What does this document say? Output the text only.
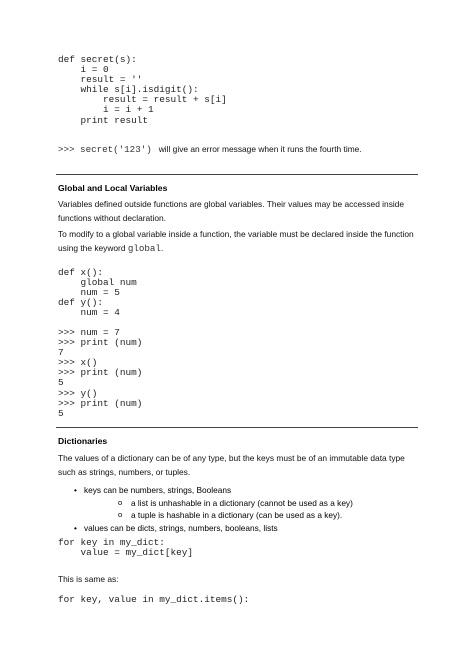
def secret(s):
i = 0
result = ''
while s[i].isdigit():
result = result + s[i]
i = i + 1
print result
>>> secret('123') will give an error message when it runs the fourth time.
Global and Local Variables
Variables defined outside functions are global variables. Their values may be accessed inside functions without declaration.
To modify to a global variable inside a function, the variable must be declared inside the function using the keyword global.
def x():
global num
num = 5
def y():
num = 4
>>> num = 7
>>> print (num)
7
>>> x()
>>> print (num)
5
>>> y()
>>> print (num)
5
Dictionaries
The values of a dictionary can be of any type, but the keys must be of an immutable data type such as strings, numbers, or tuples.
• keys can be numbers, strings, Booleans
o a list is unhashable in a dictionary (cannot be used as a key)
o a tuple is hashable in a dictionary (can be used as a key).
• values can be dicts, strings, numbers, booleans, lists
for key in my_dict:
value = my_dict[key]
This is same as:
for key, value in my_dict.items():
